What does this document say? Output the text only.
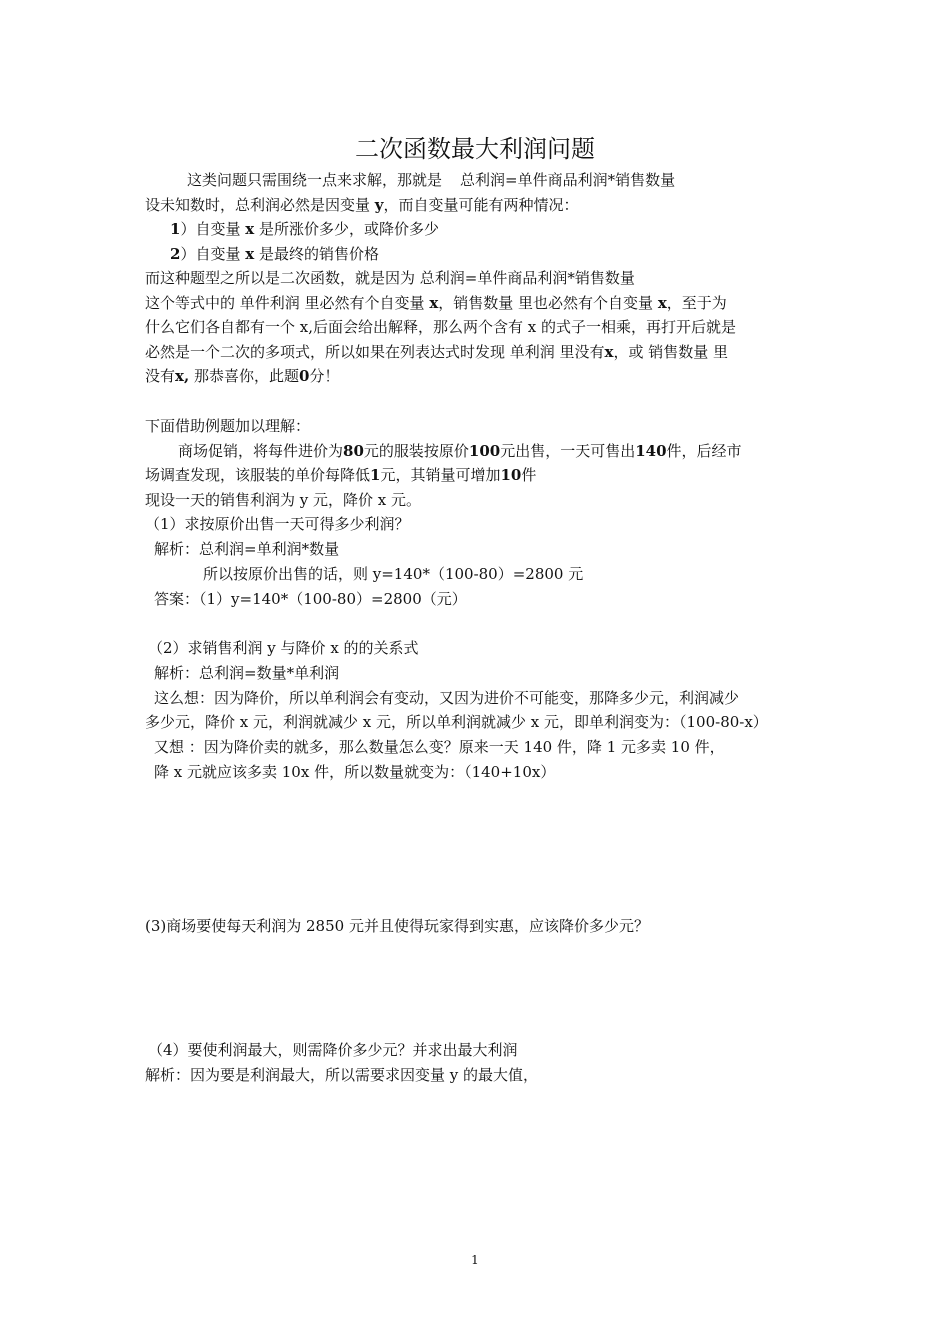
二次函数最大利润问题
这类问题只需围绕一点来求解，那就是 总利润=单件商品利润*销售数量
设未知数时，总利润必然是因变量 y，而自变量可能有两种情况：
1）自变量 x 是所涨价多少，或降价多少
2）自变量 x 是最终的销售价格
而这种题型之所以是二次函数，就是因为 总利润=单件商品利润*销售数量
这个等式中的 单件利润 里必然有个自变量 x，销售数量 里也必然有个自变量 x，至于为
什么它们各自都有一个 x,后面会给出解释，那么两个含有 x 的式子一相乘，再打开后就是
必然是一个二次的多项式，所以如果在列表达式时发现 单利润 里没有x，或 销售数量 里
没有x, 那恭喜你，此题0分！
下面借助例题加以理解：
商场促销，将每件进价为80元的服装按原价100元出售，一天可售出140件，后经市
场调查发现，该服装的单价每降低1元，其销量可增加10件
现设一天的销售利润为 y 元，降价 x 元。
（1）求按原价出售一天可得多少利润？
解析：总利润=单利润*数量
所以按原价出售的话，则 y=140*（100-80）=2800 元
答案：（1）y=140*（100-80）=2800（元）
（2）求销售利润 y 与降价 x 的的关系式
解析：总利润=数量*单利润
这么想：因为降价，所以单利润会有变动，又因为进价不可能变，那降多少元，利润减少
多少元，降价 x 元，利润就减少 x 元，所以单利润就减少 x 元，即单利润变为：（100-80-x）
又想 ：因为降价卖的就多，那么数量怎么变？原来一天 140 件，降 1 元多卖 10 件，
降 x 元就应该多卖 10x 件，所以数量就变为：（140+10x）
(3)商场要使每天利润为 2850 元并且使得玩家得到实惠，应该降价多少元？
（4）要使利润最大，则需降价多少元？并求出最大利润
解析：因为要是利润最大，所以需要求因变量 y 的最大值，
1
